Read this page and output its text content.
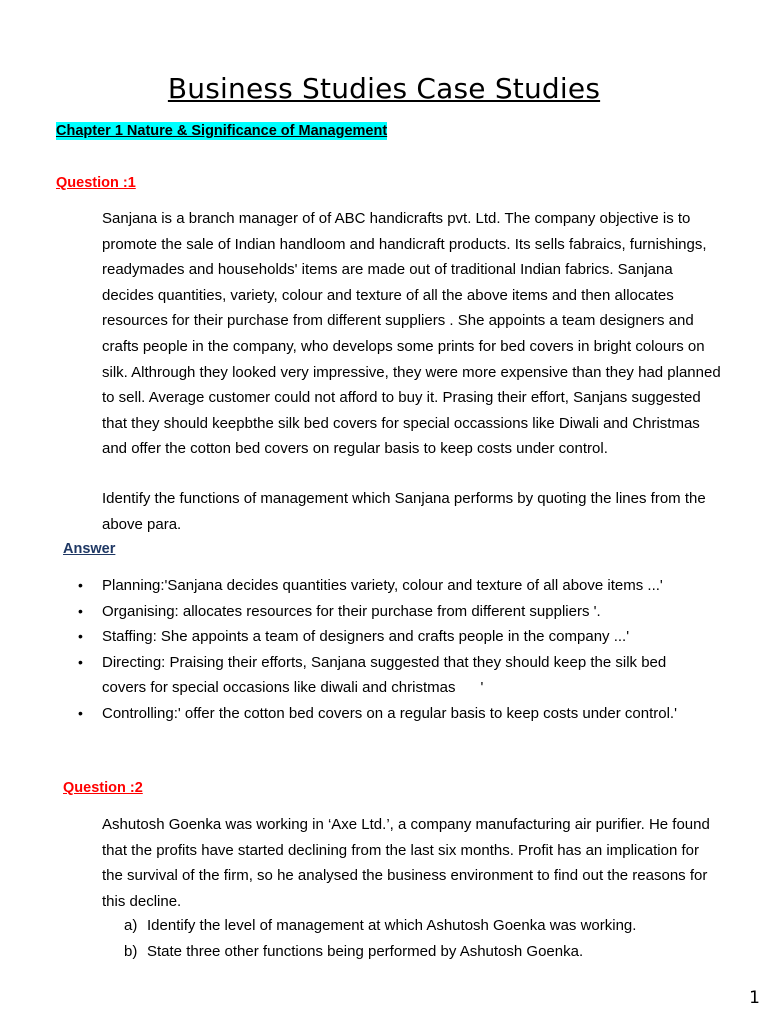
Business Studies Case Studies
Chapter 1 Nature & Significance of Management
Question :1
Sanjana is a branch manager of of ABC handicrafts pvt. Ltd. The company objective is to promote the sale of Indian handloom and handicraft products. Its sells fabraics, furnishings, readymades and households' items are made out of traditional Indian fabrics. Sanjana decides quantities, variety, colour and texture of all the above items and then allocates resources for their purchase from different suppliers . She appoints a team designers and crafts people in the company, who develops some prints for bed covers in bright colours on silk. Althrough they looked very impressive, they were more expensive than they had planned to sell. Average customer could not afford to buy it. Prasing their effort, Sanjans suggested that they should keepbthe silk bed covers for special occassions like Diwali and Christmas and offer the cotton bed covers on regular basis to keep costs under control.
Identify the functions of management which Sanjana performs by quoting the lines from the above para.
Answer
• Planning:'Sanjana decides quantities variety, colour and texture of all above items ...'
• Organising: allocates resources for their purchase from different suppliers '.
• Staffing: She appoints a team of designers and crafts people in the company ...'
• Directing: Praising their efforts, Sanjana suggested that they should keep the silk bed covers for special occasions like diwali and christmas      '
• Controlling:' offer the cotton bed covers on a regular basis to keep costs under control.'
Question :2
Ashutosh Goenka was working in ‘Axe Ltd.’, a company manufacturing air purifier. He found that the profits have started declining from the last six months. Profit has an implication for the survival of the firm, so he analysed the business environment to find out the reasons for this decline.
a) Identify the level of management at which Ashutosh Goenka was working.
b) State three other functions being performed by Ashutosh Goenka.
1
